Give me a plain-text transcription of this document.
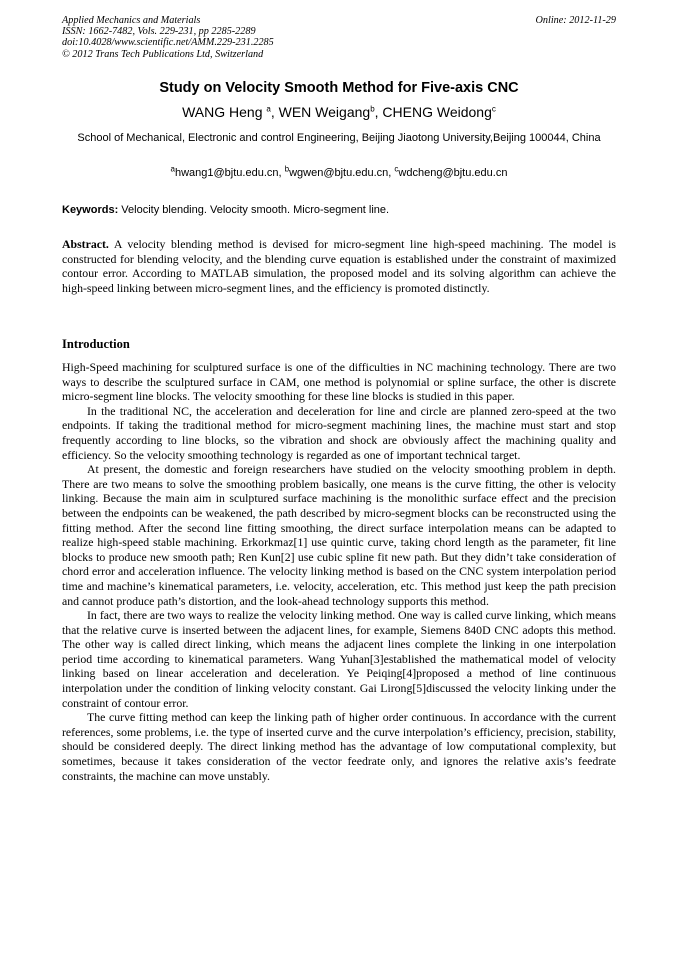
Applied Mechanics and Materials
ISSN: 1662-7482, Vols. 229-231, pp 2285-2289
doi:10.4028/www.scientific.net/AMM.229-231.2285
© 2012 Trans Tech Publications Ltd, Switzerland
Online: 2012-11-29
Study on Velocity Smooth Method for Five-axis CNC
WANG Heng $^a$, WEN Weigang$^b$, CHENG Weidong$^c$
School of Mechanical, Electronic and control Engineering, Beijing Jiaotong University,Beijing 100044, China
$^a$hwang1@bjtu.edu.cn, $^b$wgwen@bjtu.edu.cn, $^c$wdcheng@bjtu.edu.cn
Keywords: Velocity blending. Velocity smooth. Micro-segment line.

Abstract. A velocity blending method is devised for micro-segment line high-speed machining. The model is constructed for blending velocity, and the blending curve equation is established under the constraint of maximized contour error. According to MATLAB simulation, the proposed model and its solving algorithm can achieve the high-speed linking between micro-segment lines, and the efficiency is promoted distinctly.

Introduction

High-Speed machining for sculptured surface is one of the difficulties in NC machining technology. There are two ways to describe the sculptured surface in CAM, one method is polynomial or spline surface, the other is discrete micro-segment line blocks. The velocity smoothing for these line blocks is studied in this paper.

In the traditional NC, the acceleration and deceleration for line and circle are planned zero-speed at the two endpoints. If taking the traditional method for micro-segment machining lines, the machine must start and stop frequently according to line blocks, so the vibration and shock are obviously affect the machining quality and efficiency. So the velocity smoothing technology is regarded as one of important technical target.

At present, the domestic and foreign researchers have studied on the velocity smoothing problem in depth. There are two means to solve the smoothing problem basically, one means is the curve fitting, the other is velocity linking. Because the main aim in sculptured surface machining is the monolithic surface effect and the precision between the endpoints can be weakened, the path described by micro-segment blocks can be reconstructed using the fitting method. After the second line fitting smoothing, the direct surface interpolation means can be adapted to realize high-speed stable machining. Erkorkmaz[1] use quintic curve, taking chord length as the parameter, fit line blocks to produce new smooth path; Ren Kun[2] use cubic spline fit new path. But they didn’t take consideration of chord error and acceleration influence. The velocity linking method is based on the CNC system interpolation period time and machine’s kinematical parameters, i.e. velocity, acceleration, etc. This method just keep the path precision and cannot produce path’s distortion, and the look-ahead technology supports this method.

In fact, there are two ways to realize the velocity linking method. One way is called curve linking, which means that the relative curve is inserted between the adjacent lines, for example, Siemens 840D CNC adopts this method. The other way is called direct linking, which means the adjacent lines complete the linking in one interpolation period time according to kinematical parameters. Wang Yuhan[3]established the mathematical model of velocity linking based on linear acceleration and deceleration. Ye Peiqing[4]proposed a method of line continuous interpolation under the condition of linking velocity constant. Gai Lirong[5]discussed the velocity linking under the constraint of contour error.

The curve fitting method can keep the linking path of higher order continuous. In accordance with the current references, some problems, i.e. the type of inserted curve and the curve interpolation’s efficiency, precision, stability, should be considered deeply. The direct linking method has the advantage of low computational complexity, but sometimes, because it takes consideration of the vector feedrate only, and ignores the relative axis’s feedrate constraints, the machine can move unstably.
